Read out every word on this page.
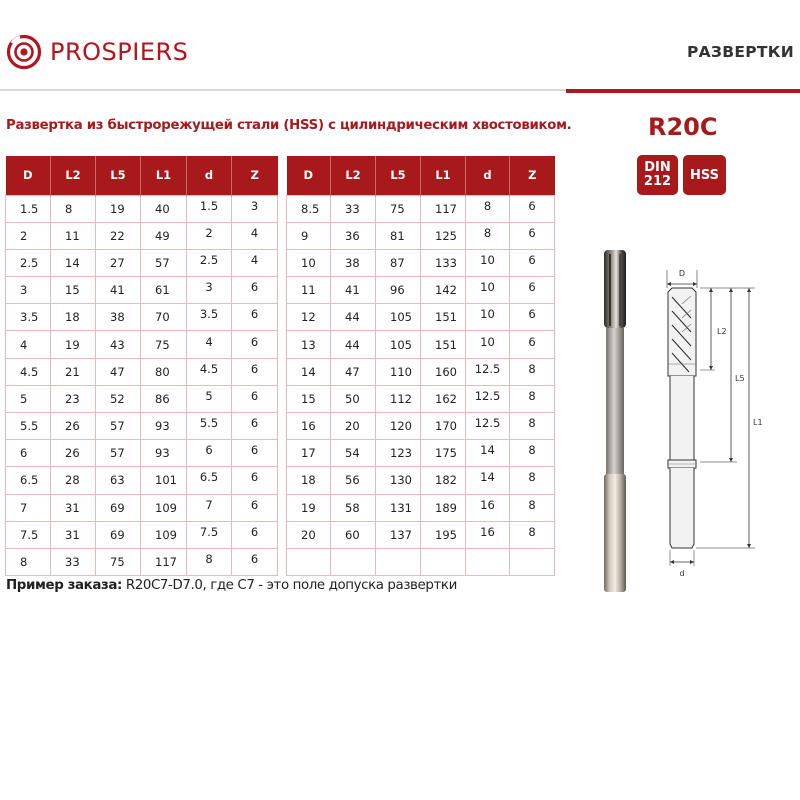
PROSPIERS	РАЗВЕРТКИ
Развертка из быстрорежущей стали (HSS) с цилиндрическим хвостовиком.	R20C
DIN
212 HSS
D	L2	L5	L1	d	Z
1.5	8	19	40	1.5	3
2	11	22	49	2	4
2.5	14	27	57	2.5	4
3	15	41	61	3	6
3.5	18	38	70	3.5	6
4	19	43	75	4	6
4.5	21	47	80	4.5	6
5	23	52	86	5	6
5.5	26	57	93	5.5	6
6	26	57	93	6	6
6.5	28	63	101	6.5	6
7	31	69	109	7	6
7.5	31	69	109	7.5	6
8	33	75	117	8	6
D	L2	L5	L1	d	Z
8.5	33	75	117	8	6
9	36	81	125	8	6
10	38	87	133	10	6
11	41	96	142	10	6
12	44	105	151	10	6
13	44	105	151	10	6
14	47	110	160	12.5	8
15	50	112	162	12.5	8
16	20	120	170	12.5	8
17	54	123	175	14	8
18	56	130	182	14	8
19	58	131	189	16	8
20	60	137	195	16	8

Пример заказа: R20C7-D7.0, где С7 - это поле допуска развертки
D
L2
L5
L1
d
